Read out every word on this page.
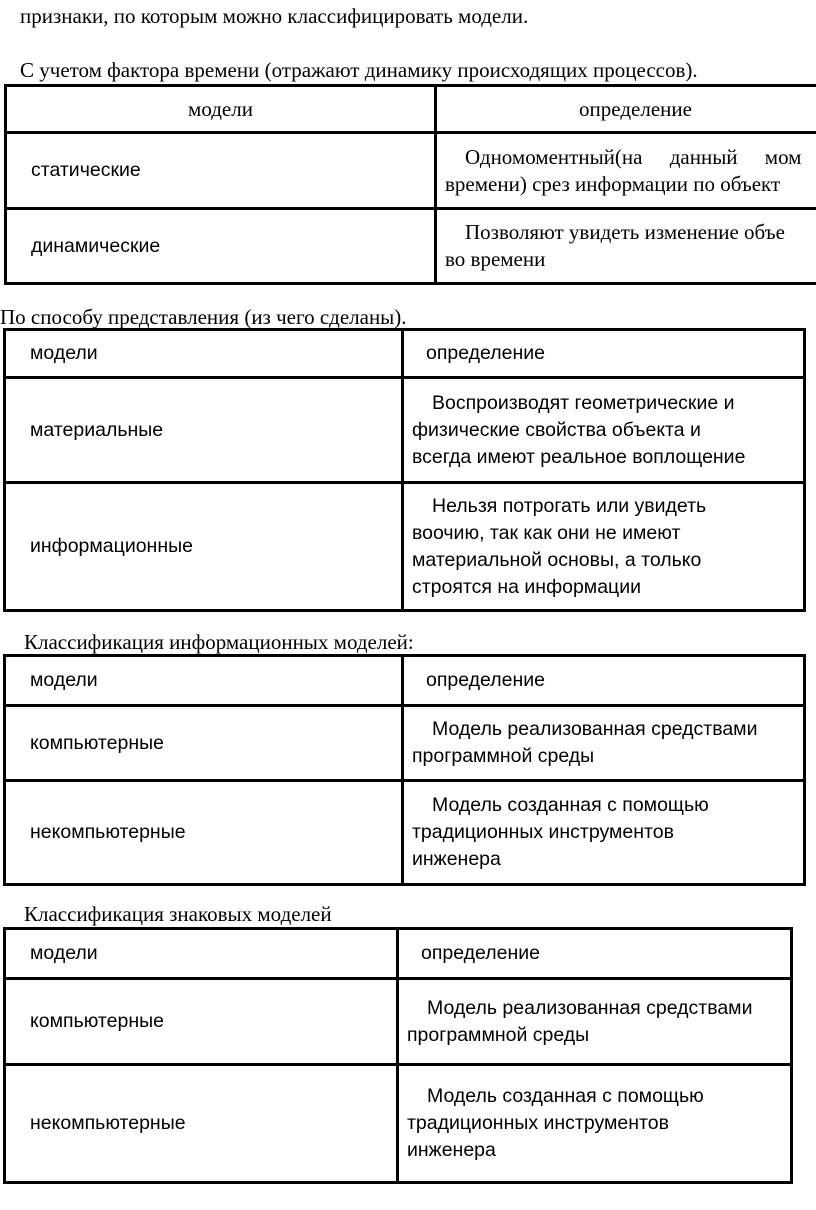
признаки, по которым можно классифицировать модели.
С учетом фактора времени (отражают динамику происходящих процессов).
модели	определение
статические	Одномоментный(на данный мом
времени) срез информации по объект

динамические	Позволяют увидеть изменение объе
во времени
По способу представления (из чего сделаны).
модели	определение
материальные	Воспроизводят геометрические и
физические свойства объекта и
всегда имеют реальное воплощение

информационные	Нельзя потрогать или увидеть
воочию, так как они не имеют
материальной основы, а только
строятся на информации
Классификация информационных моделей:
модели	определение
компьютерные	Модель реализованная средствами
программной среды

некомпьютерные	Модель созданная с помощью
традиционных инструментов
инженера
Классификация знаковых моделей
модели	определение
компьютерные	Модель реализованная средствами
программной среды

некомпьютерные	Модель созданная с помощью
традиционных инструментов
инженера
